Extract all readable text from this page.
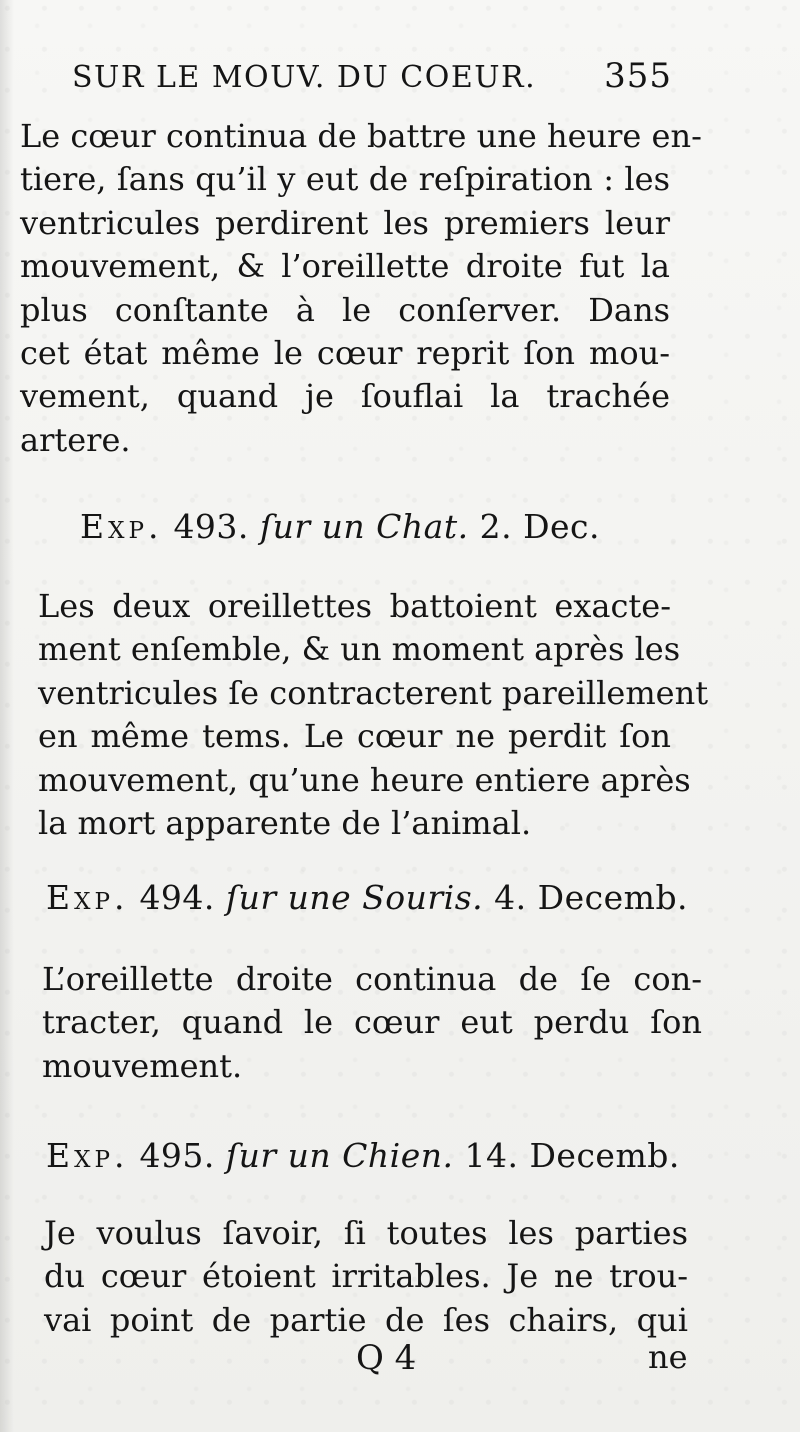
SUR LE MOUV. DU COEUR. 355
Le cœur continua de battre une heure en-
tiere, ſans qu’il y eut de reſpiration : les
ventricules perdirent les premiers leur
mouvement, & l’oreillette droite fut la
plus conſtante à le conſerver. Dans
cet état même le cœur reprit ſon mou-
vement, quand je ſouflai la trachée
artere.
Exp. 493. ſur un Chat. 2. Dec.
Les deux oreillettes battoient exacte-
ment enſemble, & un moment après les
ventricules ſe contracterent pareillement
en même tems. Le cœur ne perdit ſon
mouvement, qu’une heure entiere après
la mort apparente de l’animal.
Exp. 494. ſur une Souris. 4. Decemb.
L’oreillette droite continua de ſe con-
tracter, quand le cœur eut perdu ſon
mouvement.
Exp. 495. ſur un Chien. 14. Decemb.
Je voulus ſavoir, ſi toutes les parties
du cœur étoient irritables. Je ne trou-
vai point de partie de ſes chairs, qui
Q 4	ne
